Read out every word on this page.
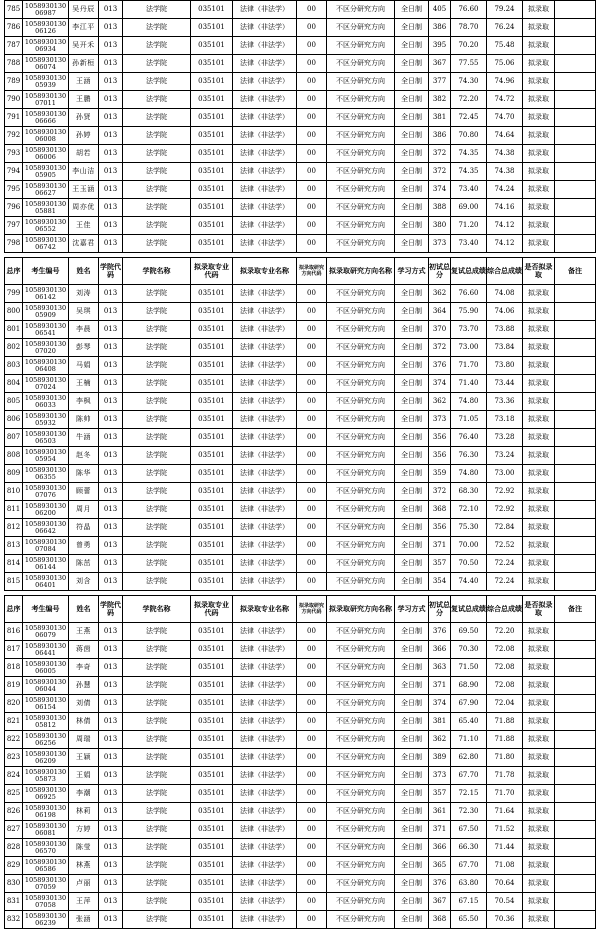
785	105893013006987	吴丹辰	013	法学院	035101	法律（非法学）	00	不区分研究方向	全日制	405	76.60	79.24	拟录取	
786	105893013006126	李江平	013	法学院	035101	法律（非法学）	00	不区分研究方向	全日制	386	78.70	76.24	拟录取	
787	105893013006934	吴开禾	013	法学院	035101	法律（非法学）	00	不区分研究方向	全日制	395	70.20	75.48	拟录取	
788	105893013006074	孙新桓	013	法学院	035101	法律（非法学）	00	不区分研究方向	全日制	367	77.55	75.06	拟录取	
789	105893013005939	王涵	013	法学院	035101	法律（非法学）	00	不区分研究方向	全日制	377	74.30	74.96	拟录取	
790	105893013007011	王鹏	013	法学院	035101	法律（非法学）	00	不区分研究方向	全日制	382	72.20	74.72	拟录取	
791	105893013006666	孙贤	013	法学院	035101	法律（非法学）	00	不区分研究方向	全日制	381	72.45	74.70	拟录取	
792	105893013006008	孙婷	013	法学院	035101	法律（非法学）	00	不区分研究方向	全日制	386	70.80	74.64	拟录取	
793	105893013006006	胡若	013	法学院	035101	法律（非法学）	00	不区分研究方向	全日制	372	74.35	74.38	拟录取	
794	105893013005905	李山洁	013	法学院	035101	法律（非法学）	00	不区分研究方向	全日制	372	74.35	74.38	拟录取	
795	105893013006627	王玉涵	013	法学院	035101	法律（非法学）	00	不区分研究方向	全日制	374	73.40	74.24	拟录取	
796	105893013005881	周亦优	013	法学院	035101	法律（非法学）	00	不区分研究方向	全日制	388	69.00	74.16	拟录取	
797	105893013006552	王佳	013	法学院	035101	法律（非法学）	00	不区分研究方向	全日制	380	71.20	74.12	拟录取	
798	105893013006742	沈嘉君	013	法学院	035101	法律（非法学）	00	不区分研究方向	全日制	373	73.40	74.12	拟录取	
总序	考生编号	姓名	学院代码	学院名称	拟录取专业代码	拟录取专业名称	拟录取研究方向代码	拟录取研究方向名称	学习方式	初试总分	复试总成绩	综合总成绩	是否拟录取	备注
799	105893013006142	刘涛	013	法学院	035101	法律（非法学）	00	不区分研究方向	全日制	362	76.60	74.08	拟录取	
800	105893013005909	吴琪	013	法学院	035101	法律（非法学）	00	不区分研究方向	全日制	364	75.90	74.06	拟录取	
801	105893013006541	李晨	013	法学院	035101	法律（非法学）	00	不区分研究方向	全日制	370	73.70	73.88	拟录取	
802	105893013007020	彭琴	013	法学院	035101	法律（非法学）	00	不区分研究方向	全日制	372	73.00	73.84	拟录取	
803	105893013006408	马娟	013	法学院	035101	法律（非法学）	00	不区分研究方向	全日制	376	71.70	73.80	拟录取	
804	105893013007024	王楠	013	法学院	035101	法律（非法学）	00	不区分研究方向	全日制	374	71.40	73.44	拟录取	
805	105893013006033	李枫	013	法学院	035101	法律（非法学）	00	不区分研究方向	全日制	362	74.80	73.36	拟录取	
806	105893013005932	陈帅	013	法学院	035101	法律（非法学）	00	不区分研究方向	全日制	373	71.05	73.18	拟录取	
807	105893013006503	牛涵	013	法学院	035101	法律（非法学）	00	不区分研究方向	全日制	356	76.40	73.28	拟录取	
808	105893013005954	赵冬	013	法学院	035101	法律（非法学）	00	不区分研究方向	全日制	356	76.30	73.24	拟录取	
809	105893013006355	陈华	013	法学院	035101	法律（非法学）	00	不区分研究方向	全日制	359	74.80	73.00	拟录取	
810	105893013007076	顾蕾	013	法学院	035101	法律（非法学）	00	不区分研究方向	全日制	372	68.30	72.92	拟录取	
811	105893013006200	周月	013	法学院	035101	法律（非法学）	00	不区分研究方向	全日制	368	72.10	72.92	拟录取	
812	105893013006642	符晶	013	法学院	035101	法律（非法学）	00	不区分研究方向	全日制	356	75.30	72.84	拟录取	
813	105893013007084	曾勇	013	法学院	035101	法律（非法学）	00	不区分研究方向	全日制	371	70.00	72.52	拟录取	
814	105893013006144	陈茁	013	法学院	035101	法律（非法学）	00	不区分研究方向	全日制	357	70.50	72.24	拟录取	
815	105893013006401	刘含	013	法学院	035101	法律（非法学）	00	不区分研究方向	全日制	354	74.40	72.24	拟录取	
总序	考生编号	姓名	学院代码	学院名称	拟录取专业代码	拟录取专业名称	拟录取研究方向代码	拟录取研究方向名称	学习方式	初试总分	复试总成绩	综合总成绩	是否拟录取	备注
816	105893013006079	王燕	013	法学院	035101	法律（非法学）	00	不区分研究方向	全日制	376	69.50	72.20	拟录取	
817	105893013006441	蒋茵	013	法学院	035101	法律（非法学）	00	不区分研究方向	全日制	366	70.30	72.08	拟录取	
818	105893013006005	李奇	013	法学院	035101	法律（非法学）	00	不区分研究方向	全日制	363	71.50	72.08	拟录取	
819	105893013006044	孙慧	013	法学院	035101	法律（非法学）	00	不区分研究方向	全日制	371	68.90	72.08	拟录取	
820	105893013006154	刘倩	013	法学院	035101	法律（非法学）	00	不区分研究方向	全日制	374	67.90	72.04	拟录取	
821	105893013005812	林倩	013	法学院	035101	法律（非法学）	00	不区分研究方向	全日制	381	65.40	71.88	拟录取	
822	105893013006256	周瑞	013	法学院	035101	法律（非法学）	00	不区分研究方向	全日制	362	71.10	71.88	拟录取	
823	105893013006209	王颖	013	法学院	035101	法律（非法学）	00	不区分研究方向	全日制	389	62.80	71.80	拟录取	
824	105893013005873	王娟	013	法学院	035101	法律（非法学）	00	不区分研究方向	全日制	373	67.70	71.78	拟录取	
825	105893013006925	李潮	013	法学院	035101	法律（非法学）	00	不区分研究方向	全日制	357	72.15	71.70	拟录取	
826	105893013006198	林莉	013	法学院	035101	法律（非法学）	00	不区分研究方向	全日制	361	72.30	71.64	拟录取	
827	105893013006081	方婷	013	法学院	035101	法律（非法学）	00	不区分研究方向	全日制	371	67.50	71.52	拟录取	
828	105893013006570	陈莹	013	法学院	035101	法律（非法学）	00	不区分研究方向	全日制	366	66.30	71.44	拟录取	
829	105893013006586	林燕	013	法学院	035101	法律（非法学）	00	不区分研究方向	全日制	365	67.70	71.08	拟录取	
830	105893013007059	卢丽	013	法学院	035101	法律（非法学）	00	不区分研究方向	全日制	376	63.80	70.64	拟录取	
831	105893013007058	王萍	013	法学院	035101	法律（非法学）	00	不区分研究方向	全日制	367	67.15	70.54	拟录取	
832	105893013006239	张涵	013	法学院	035101	法律（非法学）	00	不区分研究方向	全日制	368	65.50	70.36	拟录取	
